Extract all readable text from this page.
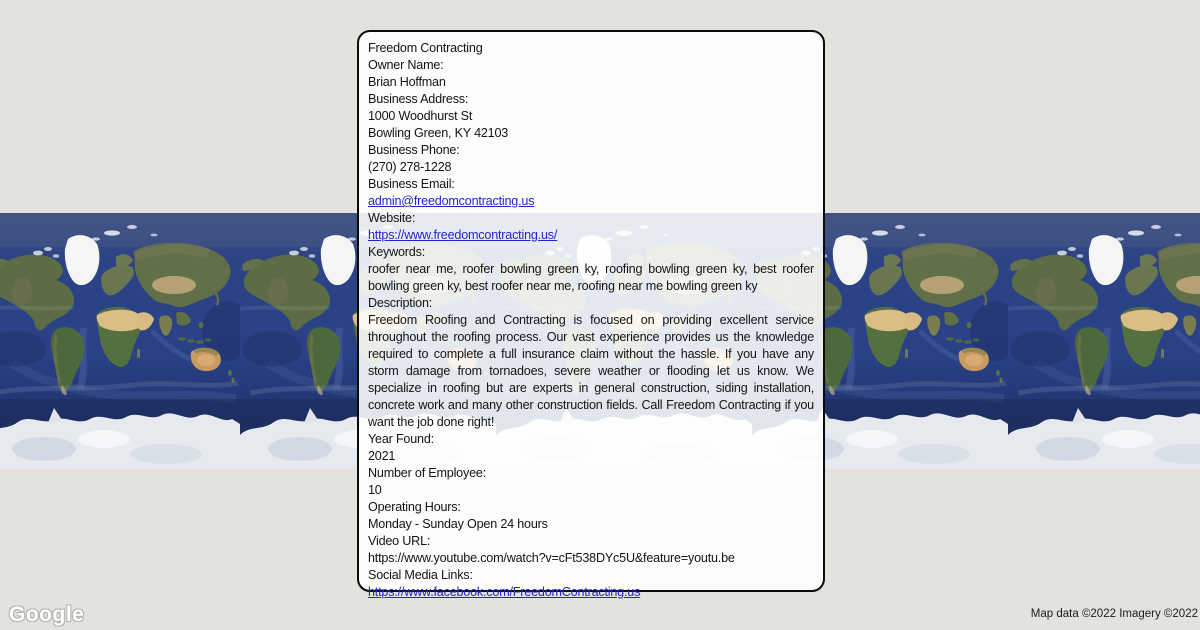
Freedom Contracting
Owner Name:
Brian Hoffman
Business Address:
1000 Woodhurst St
Bowling Green, KY 42103
Business Phone:
(270) 278-1228
Business Email:
admin@freedomcontracting.us
Website:
https://www.freedomcontracting.us/
Keywords:
roofer near me, roofer bowling green ky, roofing bowling green ky, best roofer bowling green ky, best roofer near me, roofing near me bowling green ky
Description:
Freedom Roofing and Contracting is focused on providing excellent service throughout the roofing process. Our vast experience provides us the knowledge required to complete a full insurance claim without the hassle. If you have any storm damage from tornadoes, severe weather or flooding let us know. We specialize in roofing but are experts in general construction, siding installation, concrete work and many other construction fields. Call Freedom Contracting if you want the job done right!
Year Found:
2021
Number of Employee:
10
Operating Hours:
Monday - Sunday Open 24 hours
Video URL:
https://www.youtube.com/watch?v=cFt538DYc5U&feature=youtu.be
Social Media Links:
https://www.facebook.com/FreedomContracting.us
Google	Map data ©2022 Imagery ©2022
